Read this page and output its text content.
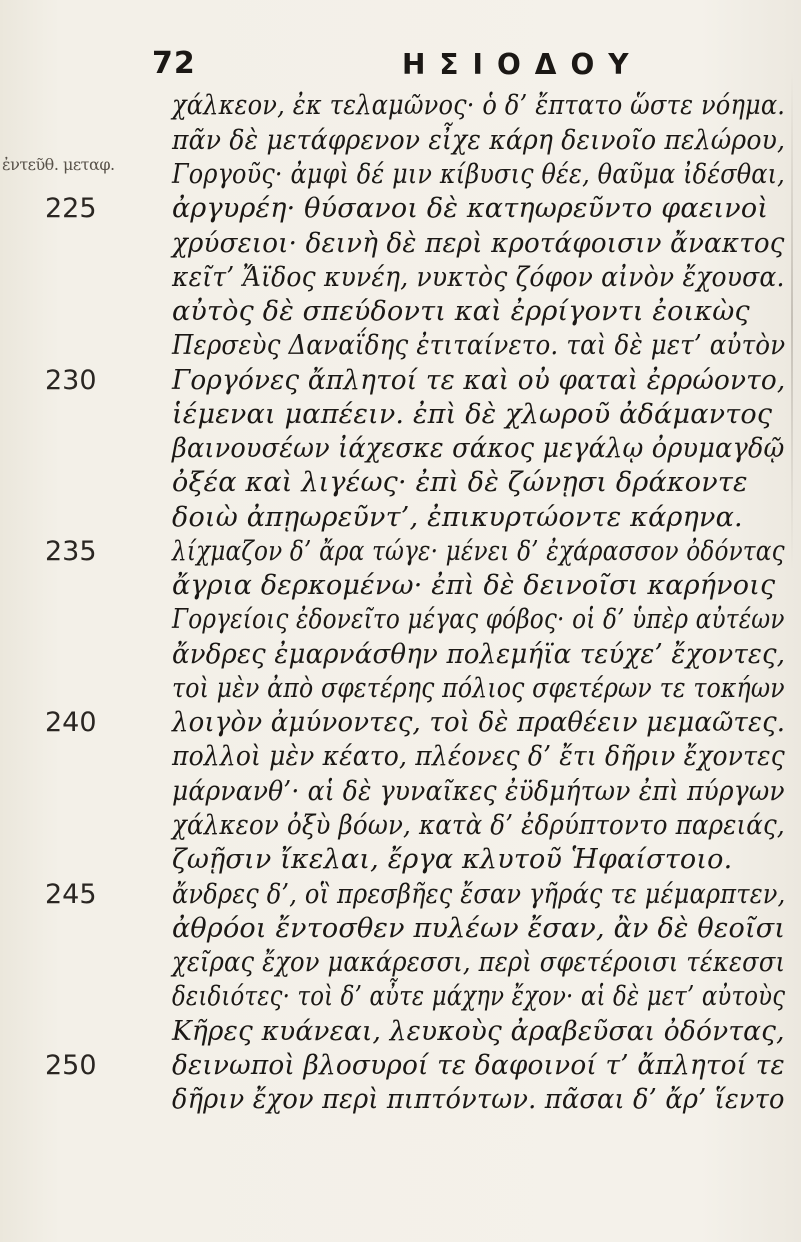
72	ΗΣΙΟΔΟΥ
ἐντεῦθ. μεταφ.
χάλκεον, ἐκ τελαμῶνος· ὁ δ’ ἔπτατο ὥστε νόημα.
πᾶν δὲ μετάφρενον εἶχε κάρη δεινοῖο πελώρου,
Γοργοῦς· ἀμφὶ δέ μιν κίβυσις θέε, θαῦμα ἰδέσθαι,
ἀργυρέη· θύσανοι δὲ κατηωρεῦντο φαεινοὶ
χρύσειοι· δεινὴ δὲ περὶ κροτάφοισιν ἄνακτος
κεῖτ’ Ἄϊδος κυνέη, νυκτὸς ζόφον αἰνὸν ἔχουσα.
αὐτὸς δὲ σπεύδοντι καὶ ἐρρίγοντι ἐοικὼς
Περσεὺς Δαναΐδης ἐτιταίνετο. ταὶ δὲ μετ’ αὐτὸν
Γοργόνες ἄπλητοί τε καὶ οὐ φαταὶ ἐρρώοντο,
ἱέμεναι μαπέειν. ἐπὶ δὲ χλωροῦ ἀδάμαντος
βαινουσέων ἰάχεσκε σάκος μεγάλῳ ὀρυμαγδῷ
ὀξέα καὶ λιγέως· ἐπὶ δὲ ζώνῃσι δράκοντε
δοιὼ ἀπῃωρεῦντ’, ἐπικυρτώοντε κάρηνα.
λίχμαζον δ’ ἄρα τώγε· μένει δ’ ἐχάρασσον ὀδόντας
ἄγρια δερκομένω· ἐπὶ δὲ δεινοῖσι καρήνοις
Γοργείοις ἐδονεῖτο μέγας φόβος· οἱ δ’ ὑπὲρ αὐτέων
ἄνδρες ἐμαρνάσθην πολεμήϊα τεύχε’ ἔχοντες,
τοὶ μὲν ἀπὸ σφετέρης πόλιος σφετέρων τε τοκήων
λοιγὸν ἀμύνοντες, τοὶ δὲ πραθέειν μεμαῶτες.
πολλοὶ μὲν κέατο, πλέονες δ’ ἔτι δῆριν ἔχοντες
μάρνανθ’· αἱ δὲ γυναῖκες ἐϋδμήτων ἐπὶ πύργων
χάλκεον ὀξὺ βόων, κατὰ δ’ ἐδρύπτοντο παρειάς,
ζωῇσιν ἴκελαι, ἔργα κλυτοῦ Ἡφαίστοιο.
ἄνδρες δ’, οἳ πρεσβῆες ἔσαν γῆράς τε μέμαρπτεν,
ἀθρόοι ἔντοσθεν πυλέων ἔσαν, ἂν δὲ θεοῖσι
χεῖρας ἔχον μακάρεσσι, περὶ σφετέροισι τέκεσσι
δειδιότες· τοὶ δ’ αὖτε μάχην ἔχον· αἱ δὲ μετ’ αὐτοὺς
Κῆρες κυάνεαι, λευκοὺς ἀραβεῦσαι ὀδόντας,
δεινωποὶ βλοσυροί τε δαφοινοί τ’ ἄπλητοί τε
δῆριν ἔχον περὶ πιπτόντων. πᾶσαι δ’ ἄρ’ ἵεντο
225
230
235
240
245
250
